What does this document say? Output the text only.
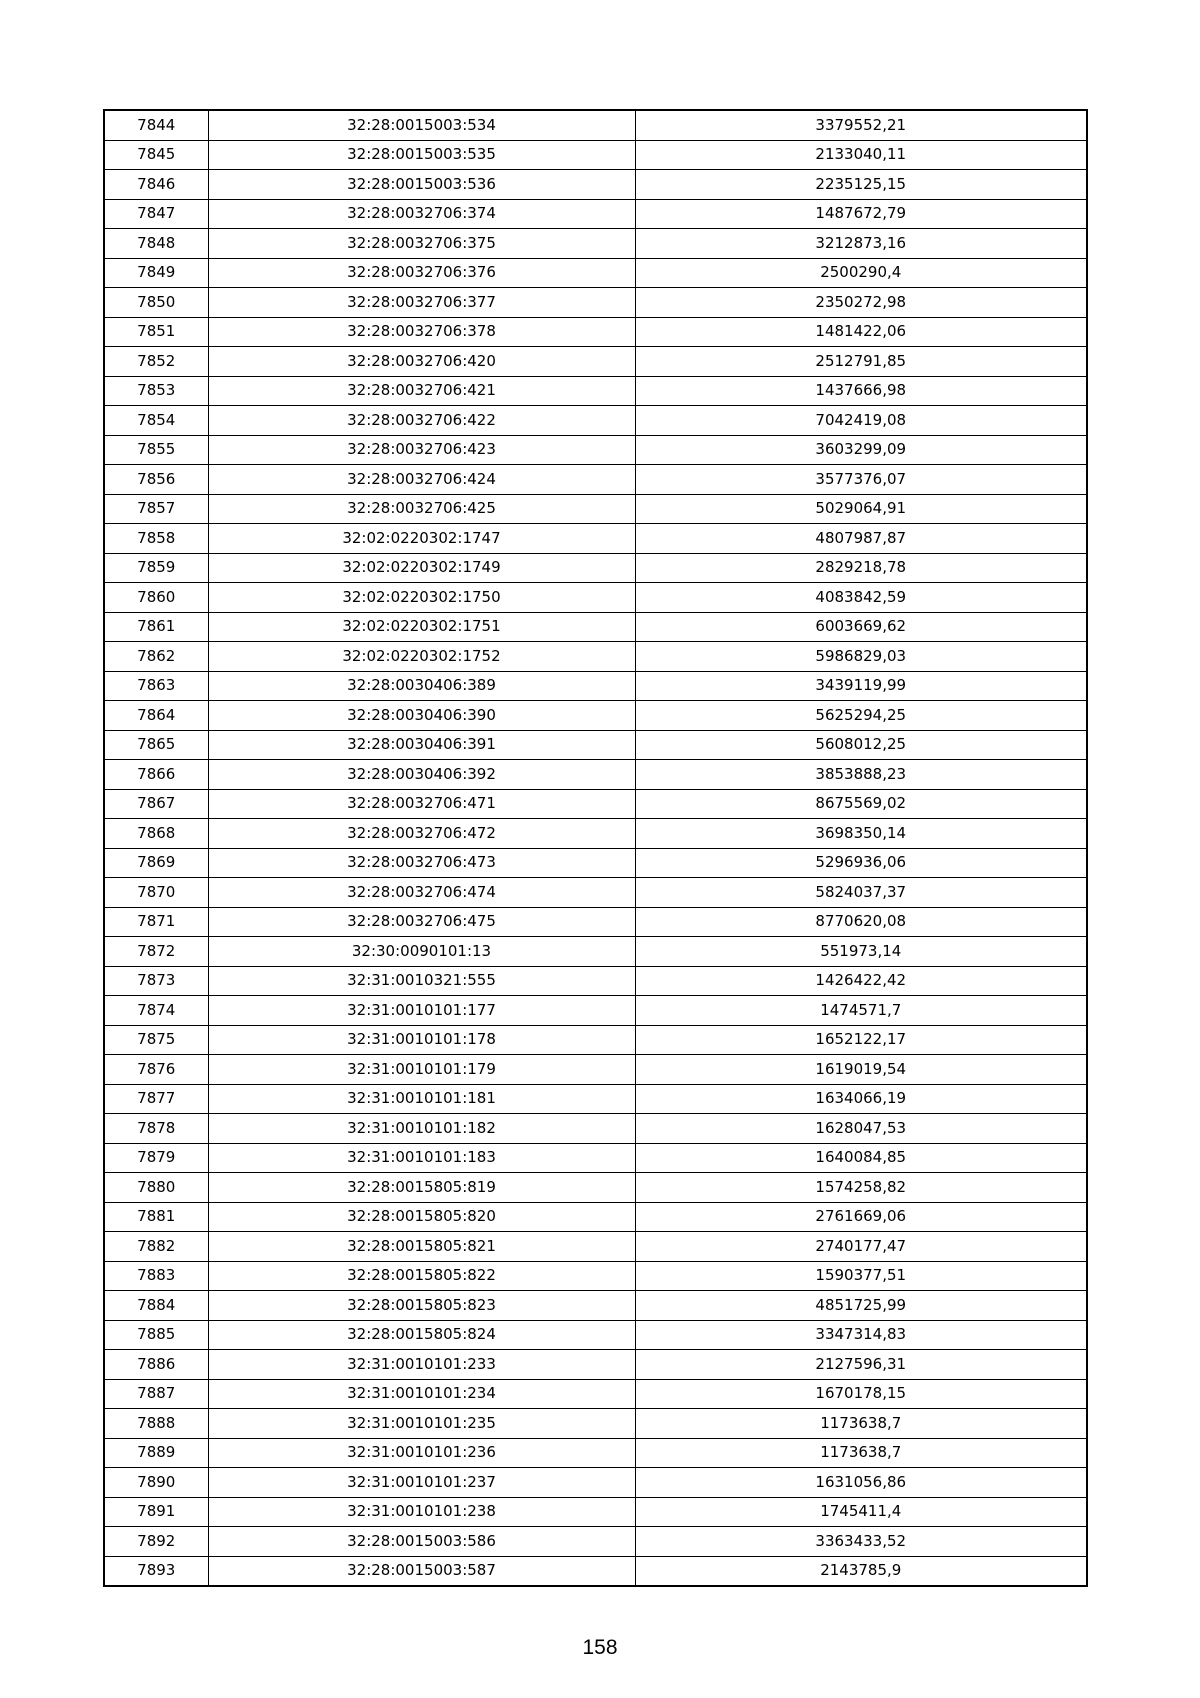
7844	32:28:0015003:534	3379552,21
7845	32:28:0015003:535	2133040,11
7846	32:28:0015003:536	2235125,15
7847	32:28:0032706:374	1487672,79
7848	32:28:0032706:375	3212873,16
7849	32:28:0032706:376	2500290,4
7850	32:28:0032706:377	2350272,98
7851	32:28:0032706:378	1481422,06
7852	32:28:0032706:420	2512791,85
7853	32:28:0032706:421	1437666,98
7854	32:28:0032706:422	7042419,08
7855	32:28:0032706:423	3603299,09
7856	32:28:0032706:424	3577376,07
7857	32:28:0032706:425	5029064,91
7858	32:02:0220302:1747	4807987,87
7859	32:02:0220302:1749	2829218,78
7860	32:02:0220302:1750	4083842,59
7861	32:02:0220302:1751	6003669,62
7862	32:02:0220302:1752	5986829,03
7863	32:28:0030406:389	3439119,99
7864	32:28:0030406:390	5625294,25
7865	32:28:0030406:391	5608012,25
7866	32:28:0030406:392	3853888,23
7867	32:28:0032706:471	8675569,02
7868	32:28:0032706:472	3698350,14
7869	32:28:0032706:473	5296936,06
7870	32:28:0032706:474	5824037,37
7871	32:28:0032706:475	8770620,08
7872	32:30:0090101:13	551973,14
7873	32:31:0010321:555	1426422,42
7874	32:31:0010101:177	1474571,7
7875	32:31:0010101:178	1652122,17
7876	32:31:0010101:179	1619019,54
7877	32:31:0010101:181	1634066,19
7878	32:31:0010101:182	1628047,53
7879	32:31:0010101:183	1640084,85
7880	32:28:0015805:819	1574258,82
7881	32:28:0015805:820	2761669,06
7882	32:28:0015805:821	2740177,47
7883	32:28:0015805:822	1590377,51
7884	32:28:0015805:823	4851725,99
7885	32:28:0015805:824	3347314,83
7886	32:31:0010101:233	2127596,31
7887	32:31:0010101:234	1670178,15
7888	32:31:0010101:235	1173638,7
7889	32:31:0010101:236	1173638,7
7890	32:31:0010101:237	1631056,86
7891	32:31:0010101:238	1745411,4
7892	32:28:0015003:586	3363433,52
7893	32:28:0015003:587	2143785,9
158
